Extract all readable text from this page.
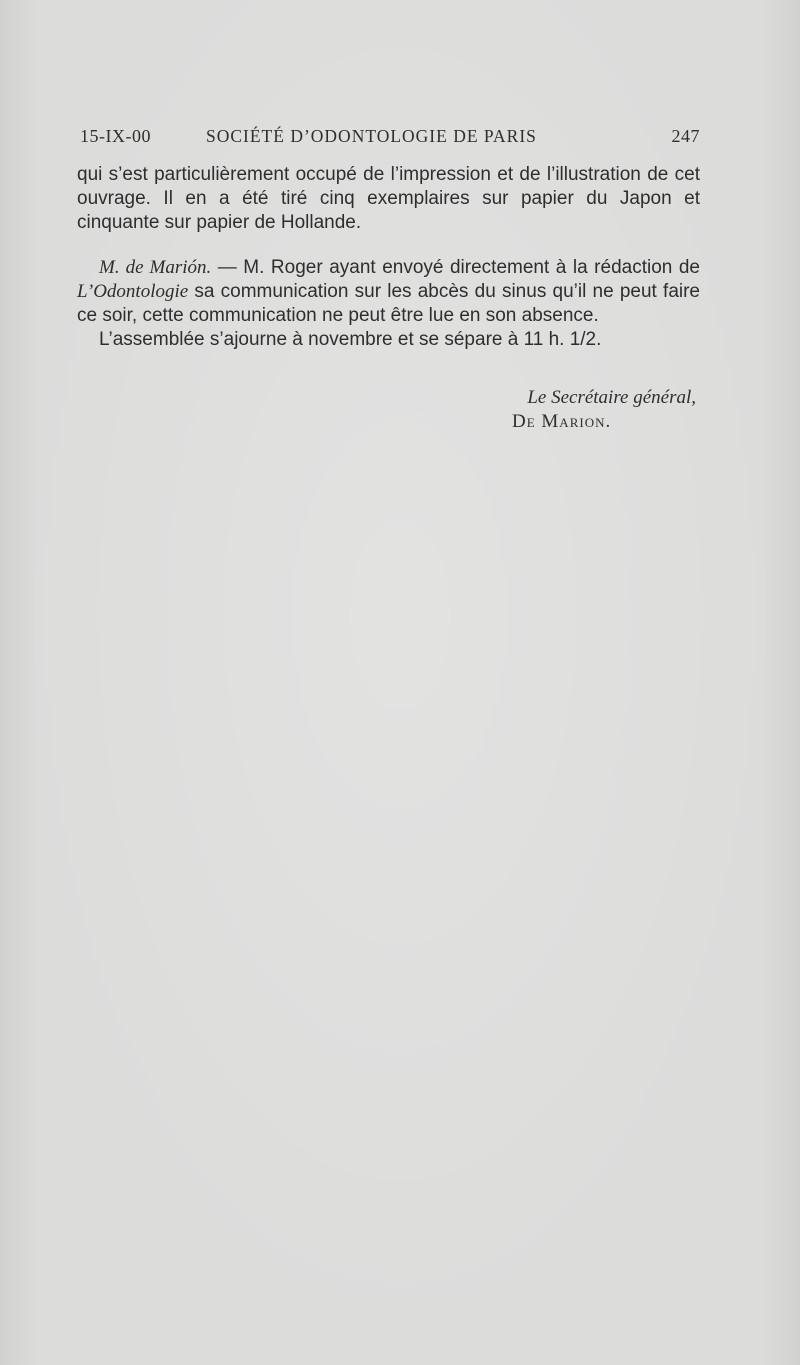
15-IX-00	SOCIÉTÉ D’ODONTOLOGIE DE PARIS	247

qui s’est particulièrement occupé de l’impression et de l’illustration de cet ouvrage. Il en a été tiré cinq exemplaires sur papier du Japon et cinquante sur papier de Hollande.

M. de Marión. — M. Roger ayant envoyé directement à la rédaction de L’Odontologie sa communication sur les abcès du sinus qu’il ne peut faire ce soir, cette communication ne peut être lue en son absence.

L’assemblée s’ajourne à novembre et se sépare à 11 h. 1/2.

Le Secrétaire général,
De Marion.
